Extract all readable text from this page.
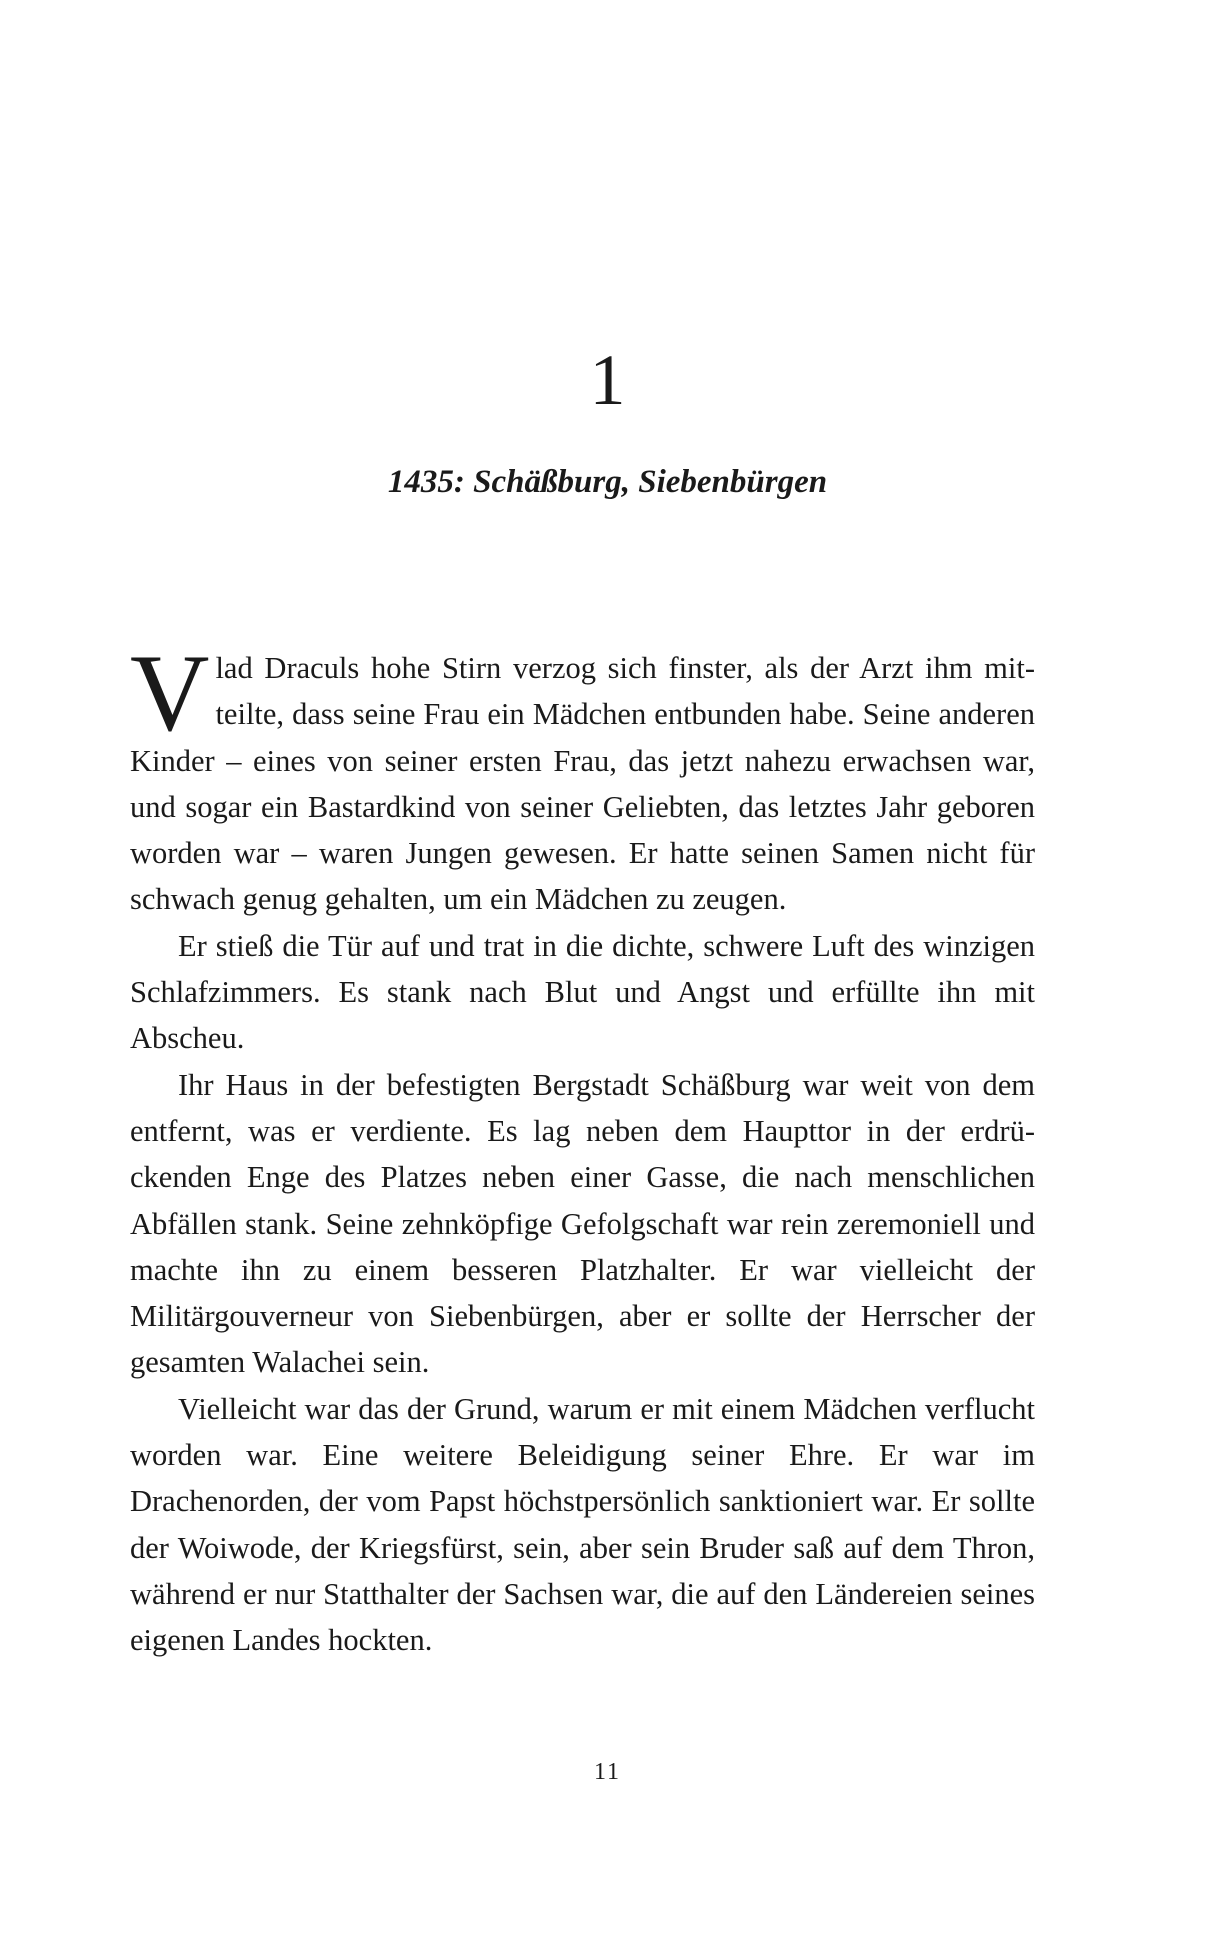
1
1435: Schäßburg, Siebenbürgen

Vlad Draculs hohe Stirn verzog sich finster, als der Arzt ihm mitteilte, dass seine Frau ein Mädchen entbunden habe. Seine anderen Kinder – eines von seiner ersten Frau, das jetzt nahezu erwachsen war, und sogar ein Bastardkind von seiner Geliebten, das letztes Jahr geboren worden war – waren Jungen gewesen. Er hatte seinen Samen nicht für schwach genug gehalten, um ein Mädchen zu zeugen.

Er stieß die Tür auf und trat in die dichte, schwere Luft des winzigen Schlafzimmers. Es stank nach Blut und Angst und erfüllte ihn mit Abscheu.

Ihr Haus in der befestigten Bergstadt Schäßburg war weit von dem entfernt, was er verdiente. Es lag neben dem Haupttor in der erdrückenden Enge des Platzes neben einer Gasse, die nach menschlichen Abfällen stank. Seine zehnköpfige Gefolgschaft war rein zeremoniell und machte ihn zu einem besseren Platzhalter. Er war vielleicht der Militärgouverneur von Siebenbürgen, aber er sollte der Herrscher der gesamten Walachei sein.

Vielleicht war das der Grund, warum er mit einem Mädchen verflucht worden war. Eine weitere Beleidigung seiner Ehre. Er war im Drachenorden, der vom Papst höchstpersönlich sanktioniert war. Er sollte der Woiwode, der Kriegsfürst, sein, aber sein Bruder saß auf dem Thron, während er nur Statthalter der Sachsen war, die auf den Ländereien seines eigenen Landes hockten.

11
